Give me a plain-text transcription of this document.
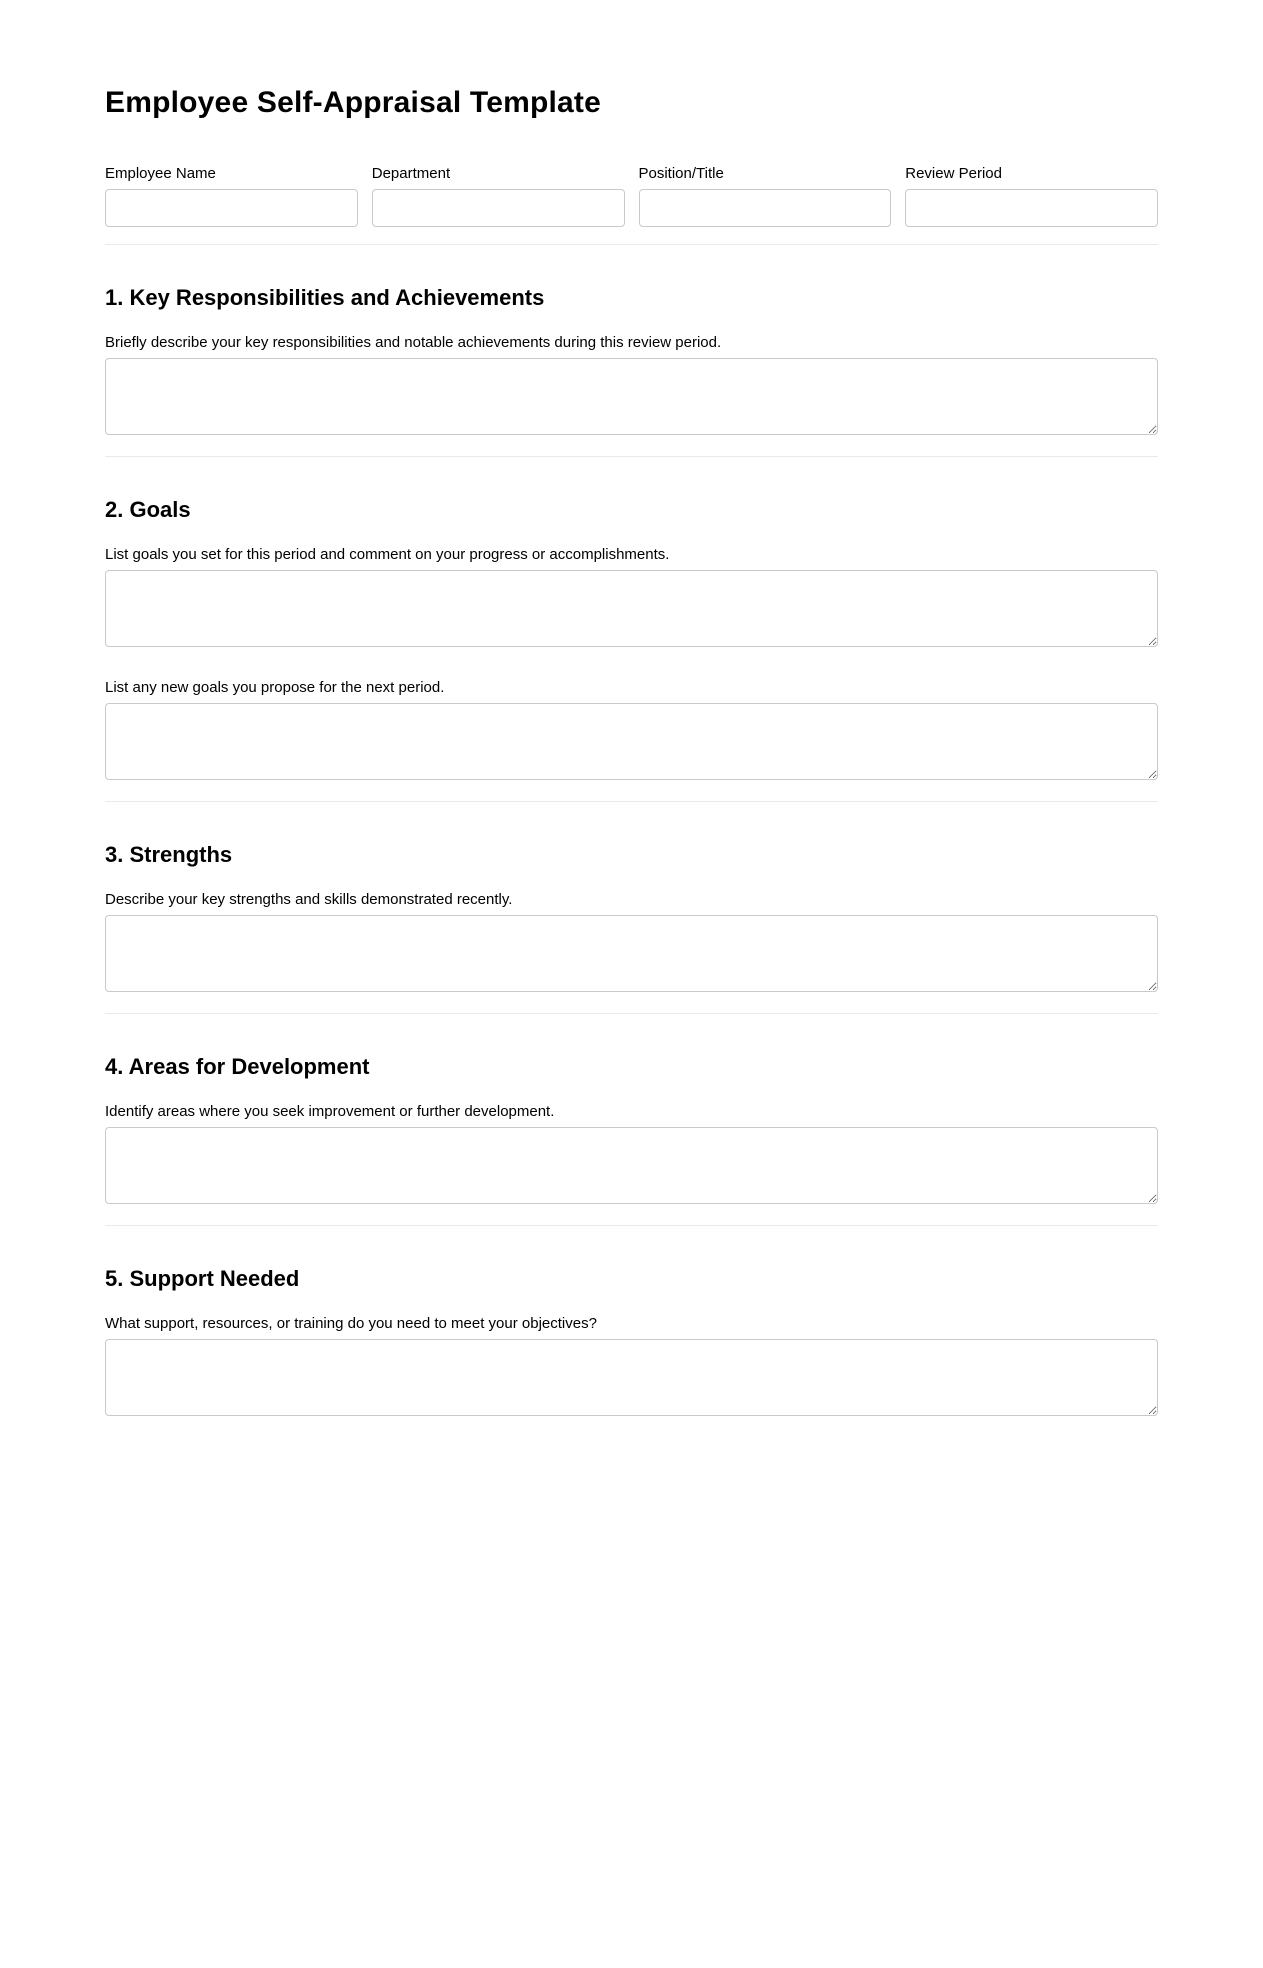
Employee Self-Appraisal Template
Employee Name	Department	Position/Title	Review Period
1. Key Responsibilities and Achievements

Briefly describe your key responsibilities and notable achievements during this review period.

2. Goals

List goals you set for this period and comment on your progress or accomplishments.

List any new goals you propose for the next period.

3. Strengths

Describe your key strengths and skills demonstrated recently.

4. Areas for Development

Identify areas where you seek improvement or further development.

5. Support Needed

What support, resources, or training do you need to meet your objectives?
